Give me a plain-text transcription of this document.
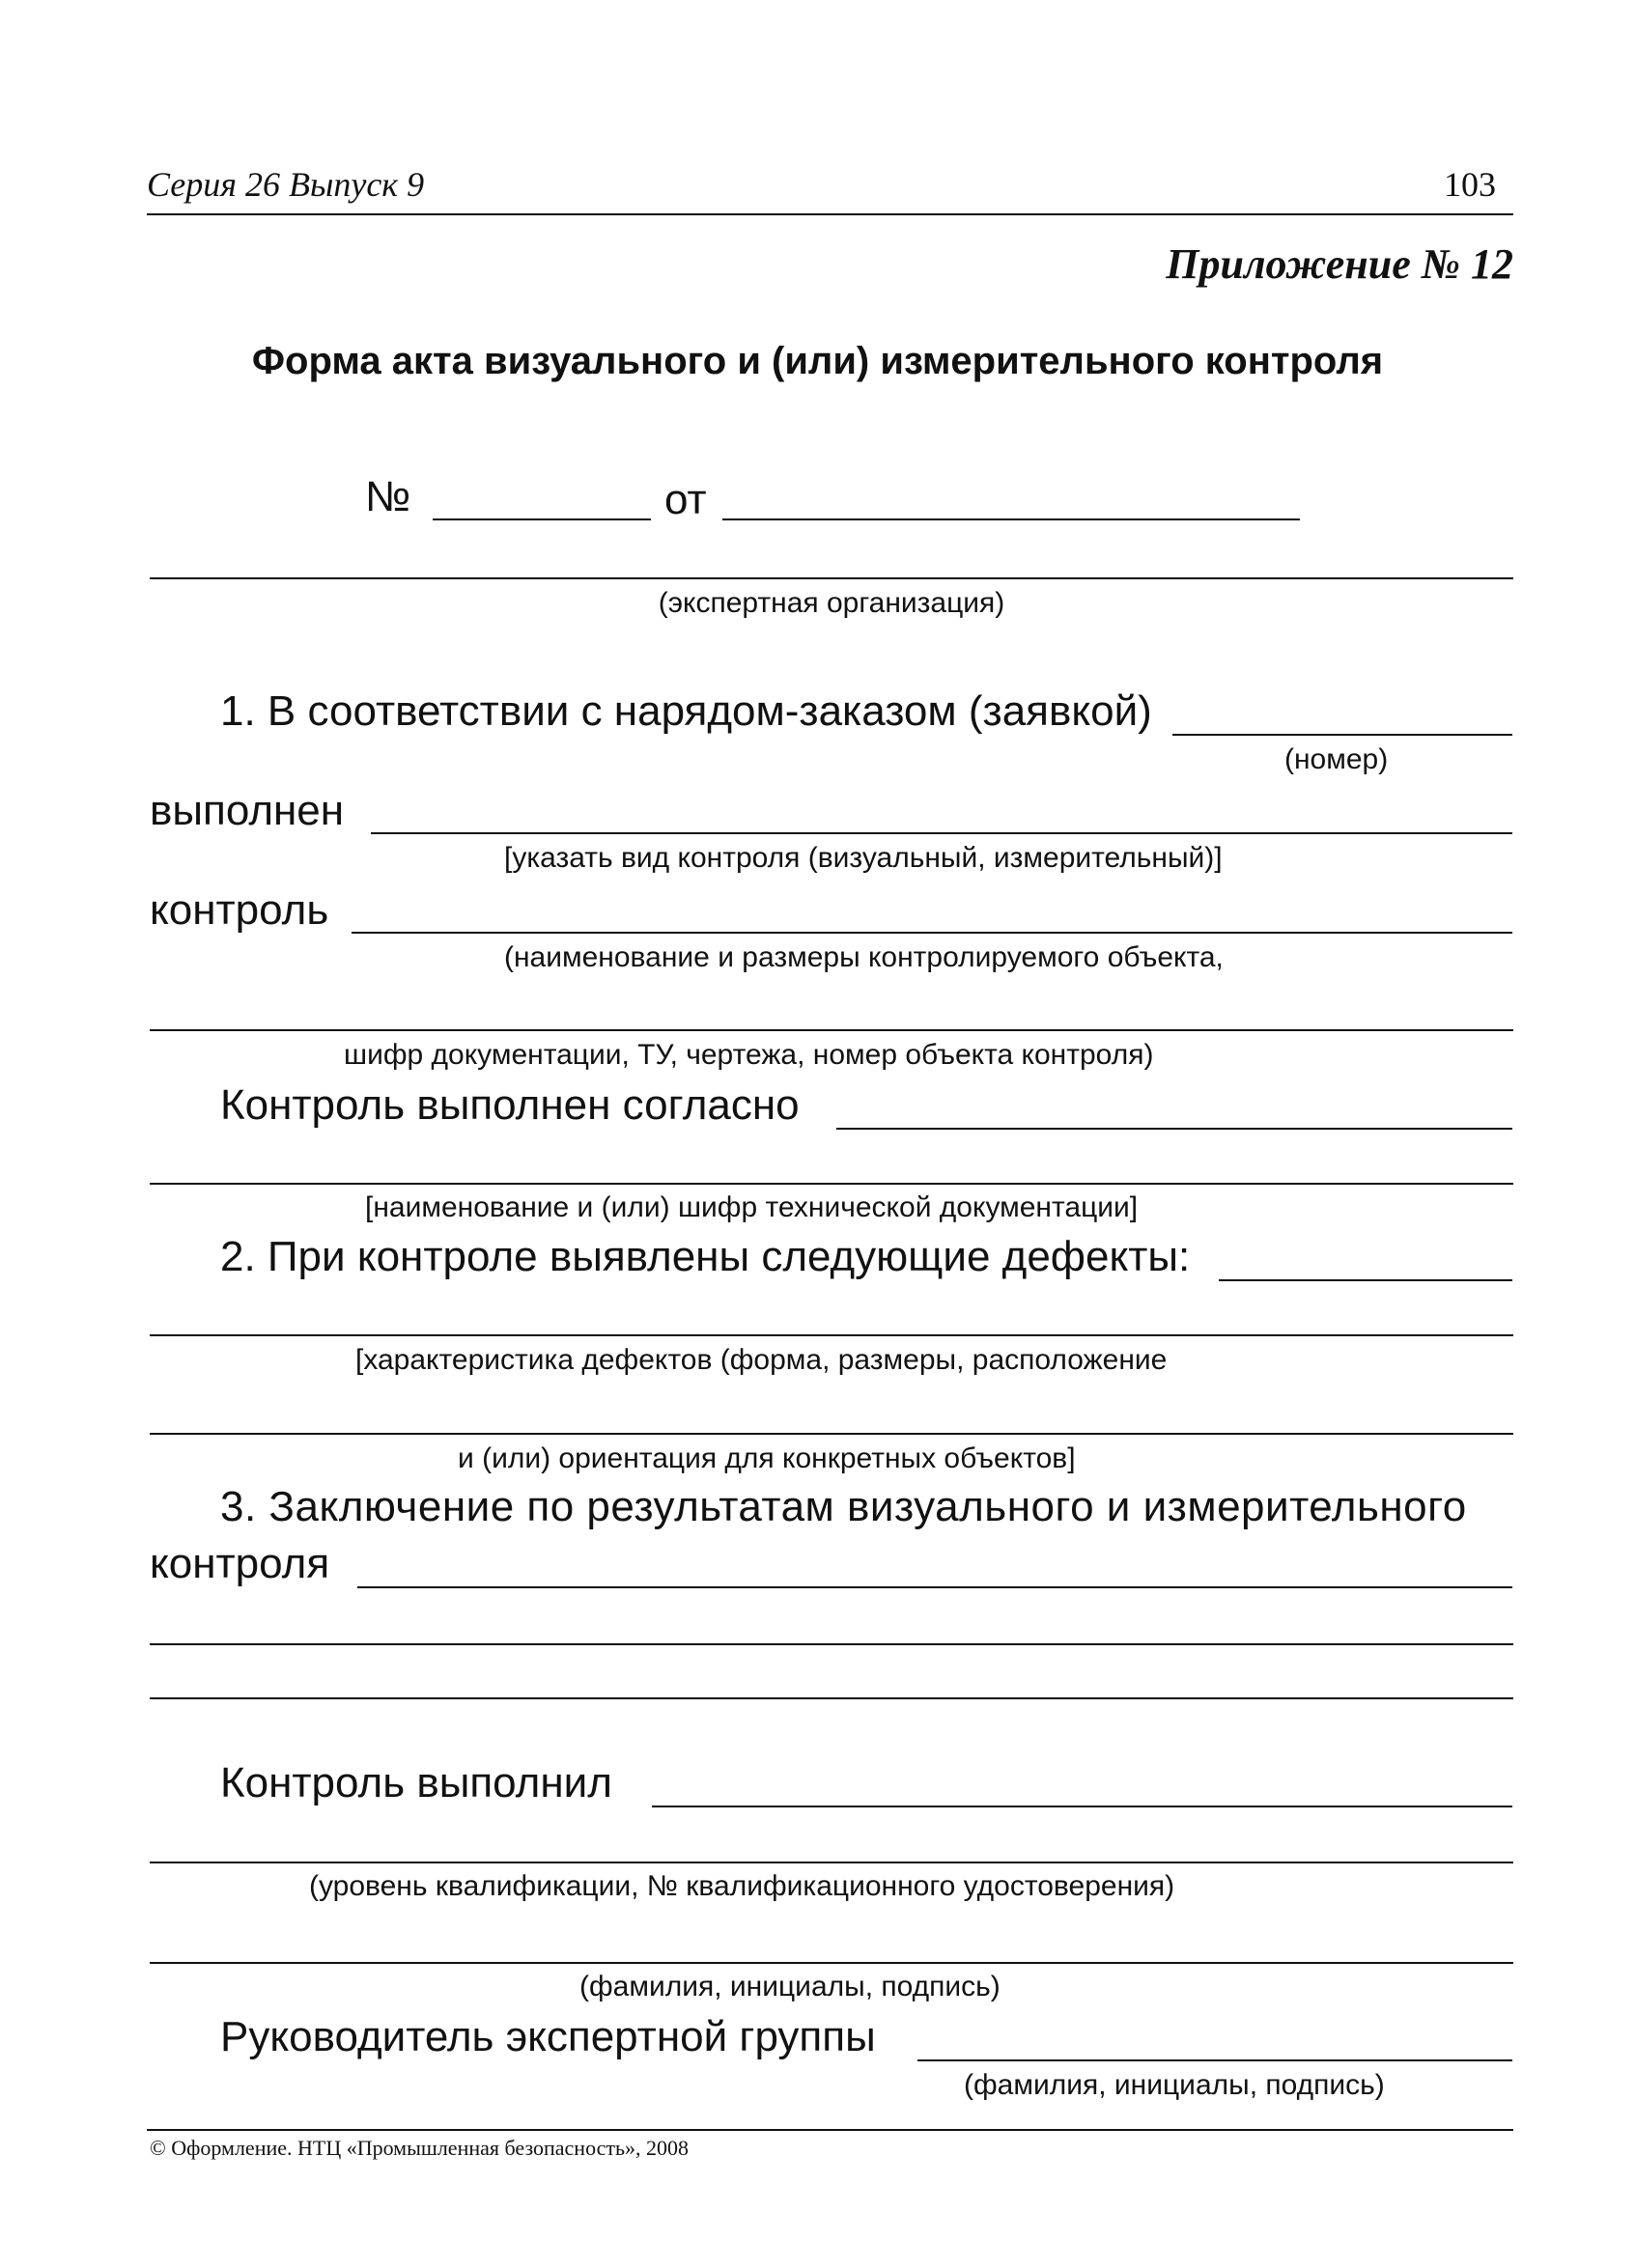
Серия 26 Выпуск 9	103
Приложение № 12
Форма акта визуального и (или) измерительного контроля
№	от
(экспертная организация)
1. В соответствии с нарядом-заказом (заявкой)
(номер)
выполнен
[указать вид контроля (визуальный, измерительный)]
контроль
(наименование и размеры контролируемого объекта,
шифр документации, ТУ, чертежа, номер объекта контроля)
Контроль выполнен согласно
[наименование и (или) шифр технической документации]
2. При контроле выявлены следующие дефекты:
[характеристика дефектов (форма, размеры, расположение
и (или) ориентация для конкретных объектов]
3. Заключение по результатам визуального и измерительного
контроля
Контроль выполнил
(уровень квалификации, № квалификационного удостоверения)
(фамилия, инициалы, подпись)
Руководитель экспертной группы
(фамилия, инициалы, подпись)
© Оформление. НТЦ «Промышленная безопасность», 2008
